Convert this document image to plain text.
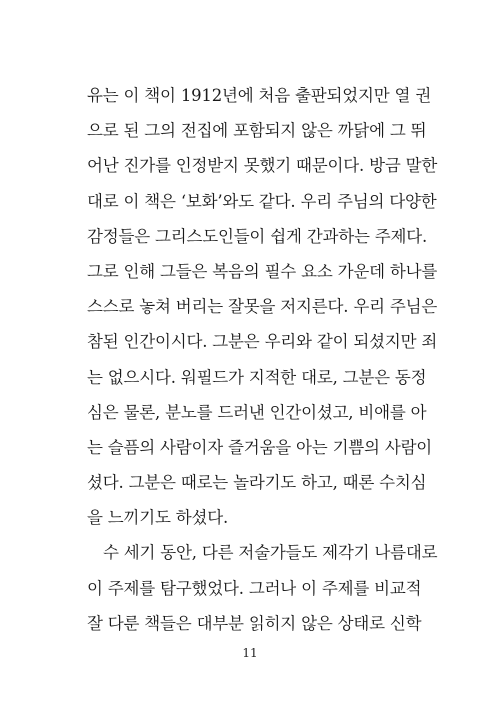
유는 이 책이 1912년에 처음 출판되었지만 열 권
으로 된 그의 전집에 포함되지 않은 까닭에 그 뛰
어난 진가를 인정받지 못했기 때문이다. 방금 말한
대로 이 책은 ‘보화’와도 같다. 우리 주님의 다양한
감정들은 그리스도인들이 쉽게 간과하는 주제다.
그로 인해 그들은 복음의 필수 요소 가운데 하나를
스스로 놓쳐 버리는 잘못을 저지른다. 우리 주님은
참된 인간이시다. 그분은 우리와 같이 되셨지만 죄
는 없으시다. 워필드가 지적한 대로, 그분은 동정
심은 물론, 분노를 드러낸 인간이셨고, 비애를 아
는 슬픔의 사람이자 즐거움을 아는 기쁨의 사람이
셨다. 그분은 때로는 놀라기도 하고, 때론 수치심
을 느끼기도 하셨다.
수 세기 동안, 다른 저술가들도 제각기 나름대로
이 주제를 탐구했었다. 그러나 이 주제를 비교적
잘 다룬 책들은 대부분 읽히지 않은 상태로 신학
11
